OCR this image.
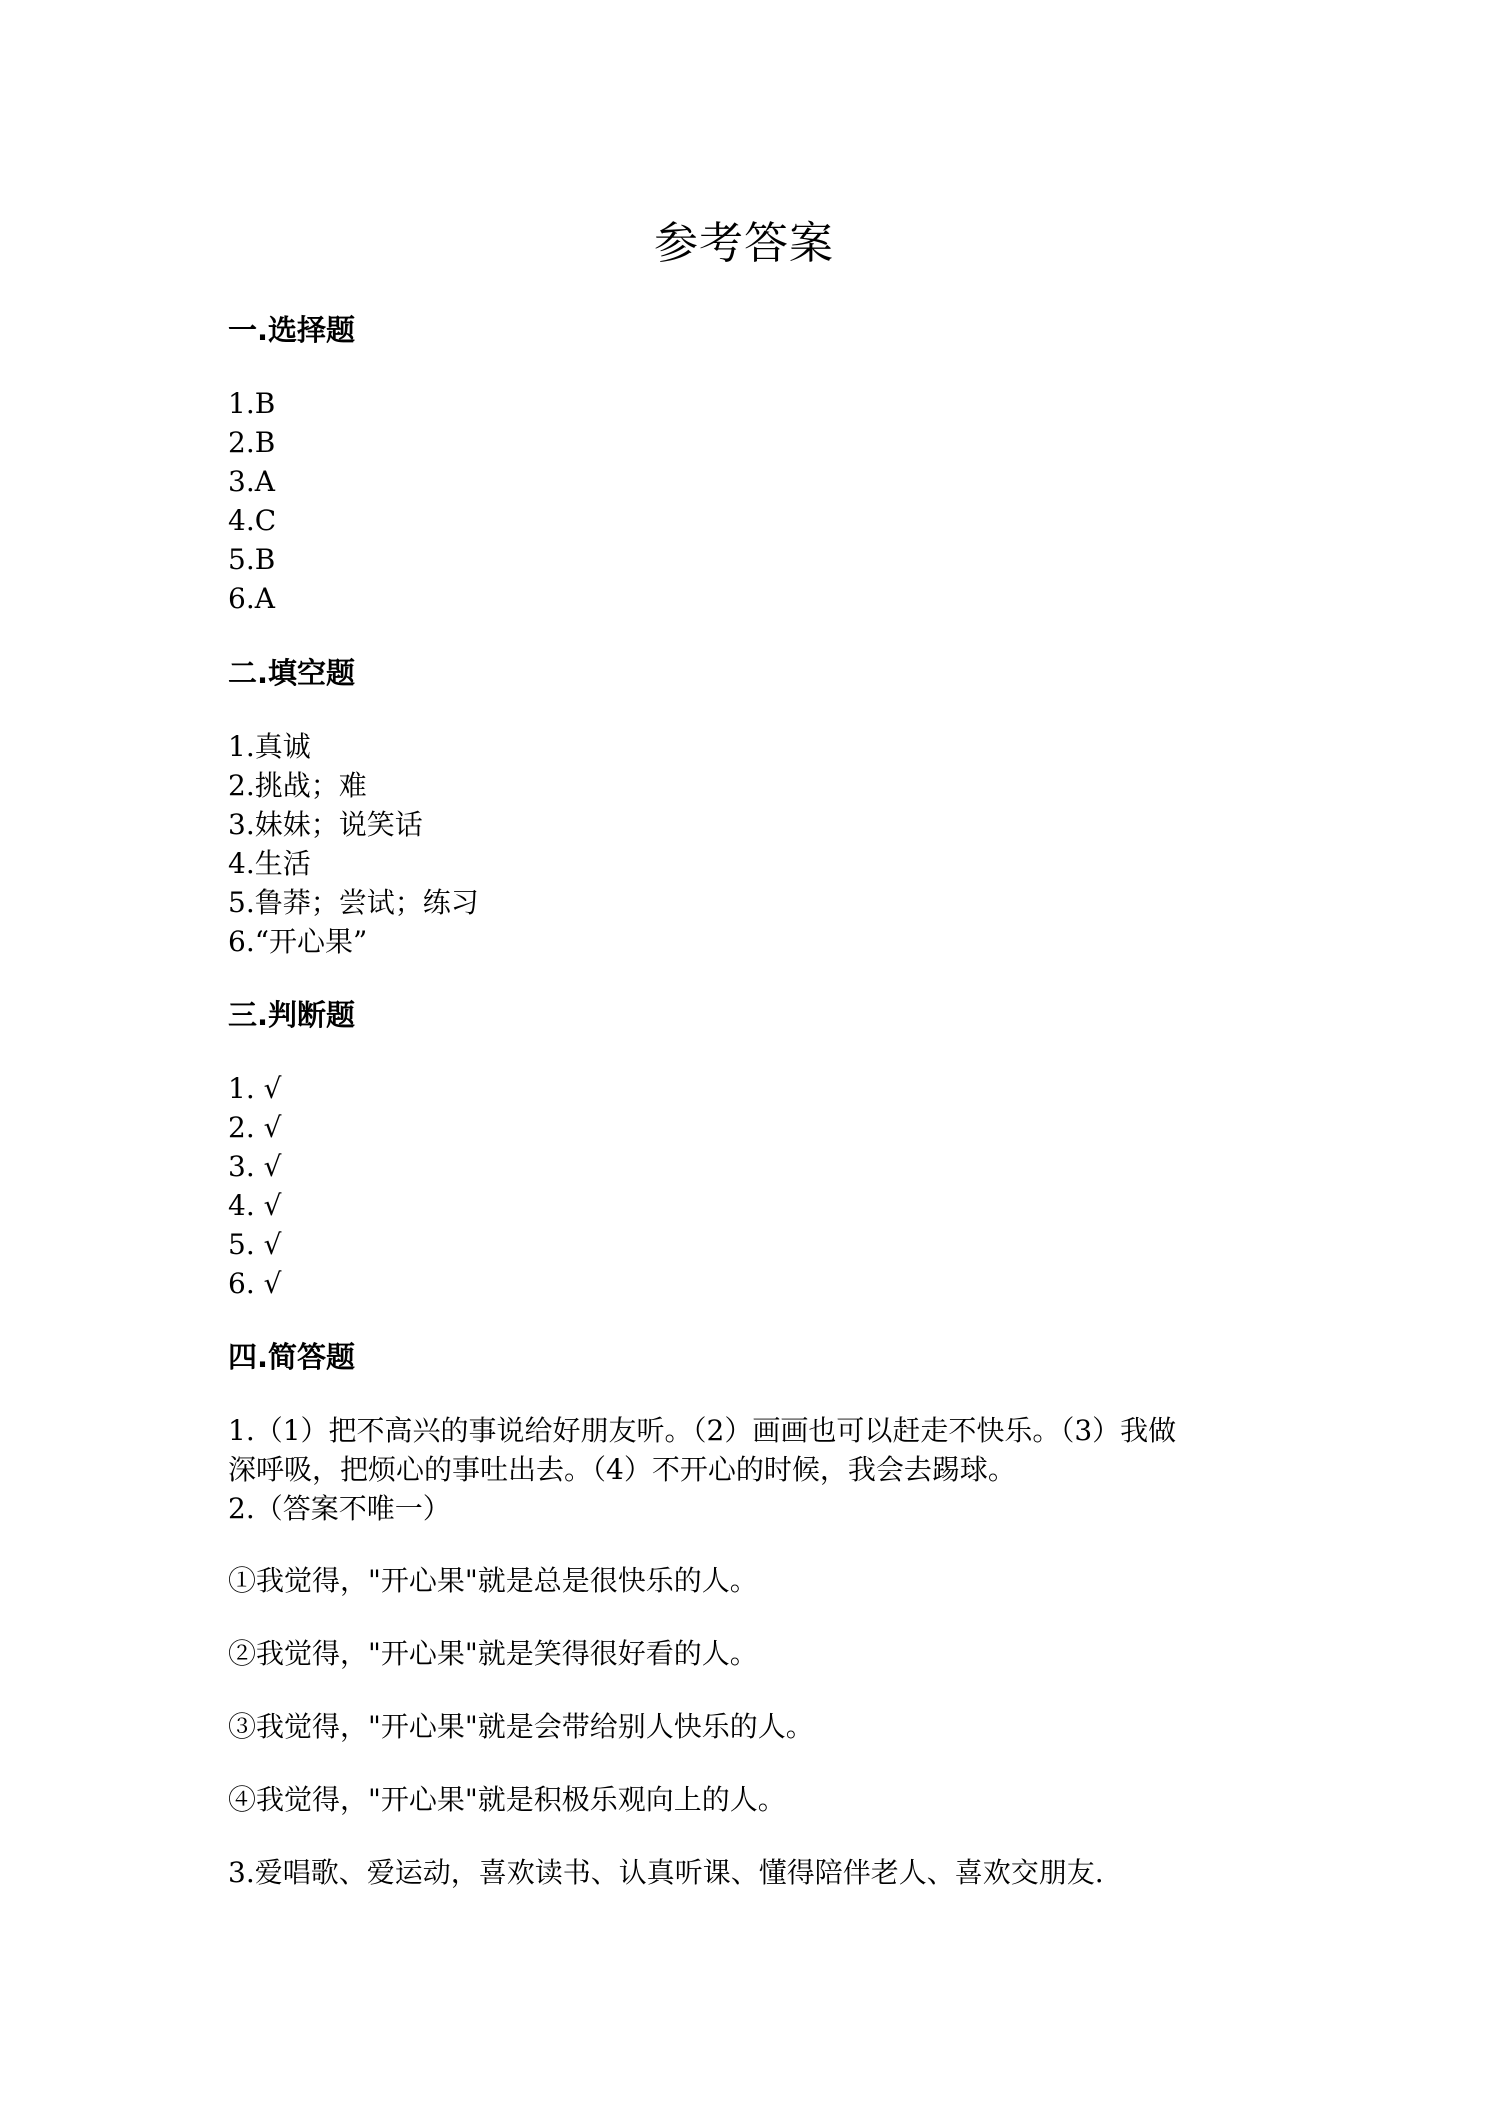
参考答案
一.选择题
1.B
2.B
3.A
4.C
5.B
6.A
二.填空题
1.真诚
2.挑战；难
3.妹妹；说笑话
4.生活
5.鲁莽；尝试；练习
6.“开心果”
三.判断题
1. √
2. √
3. √
4. √
5. √
6. √
四.简答题
1.（1）把不高兴的事说给好朋友听。（2）画画也可以赶走不快乐。（3）我做
深呼吸，把烦心的事吐出去。（4）不开心的时候，我会去踢球。
2.（答案不唯一）
①我觉得，"开心果"就是总是很快乐的人。
②我觉得，"开心果"就是笑得很好看的人。
③我觉得，"开心果"就是会带给别人快乐的人。
④我觉得，"开心果"就是积极乐观向上的人。
3.爱唱歌、爱运动，喜欢读书、认真听课、懂得陪伴老人、喜欢交朋友.
